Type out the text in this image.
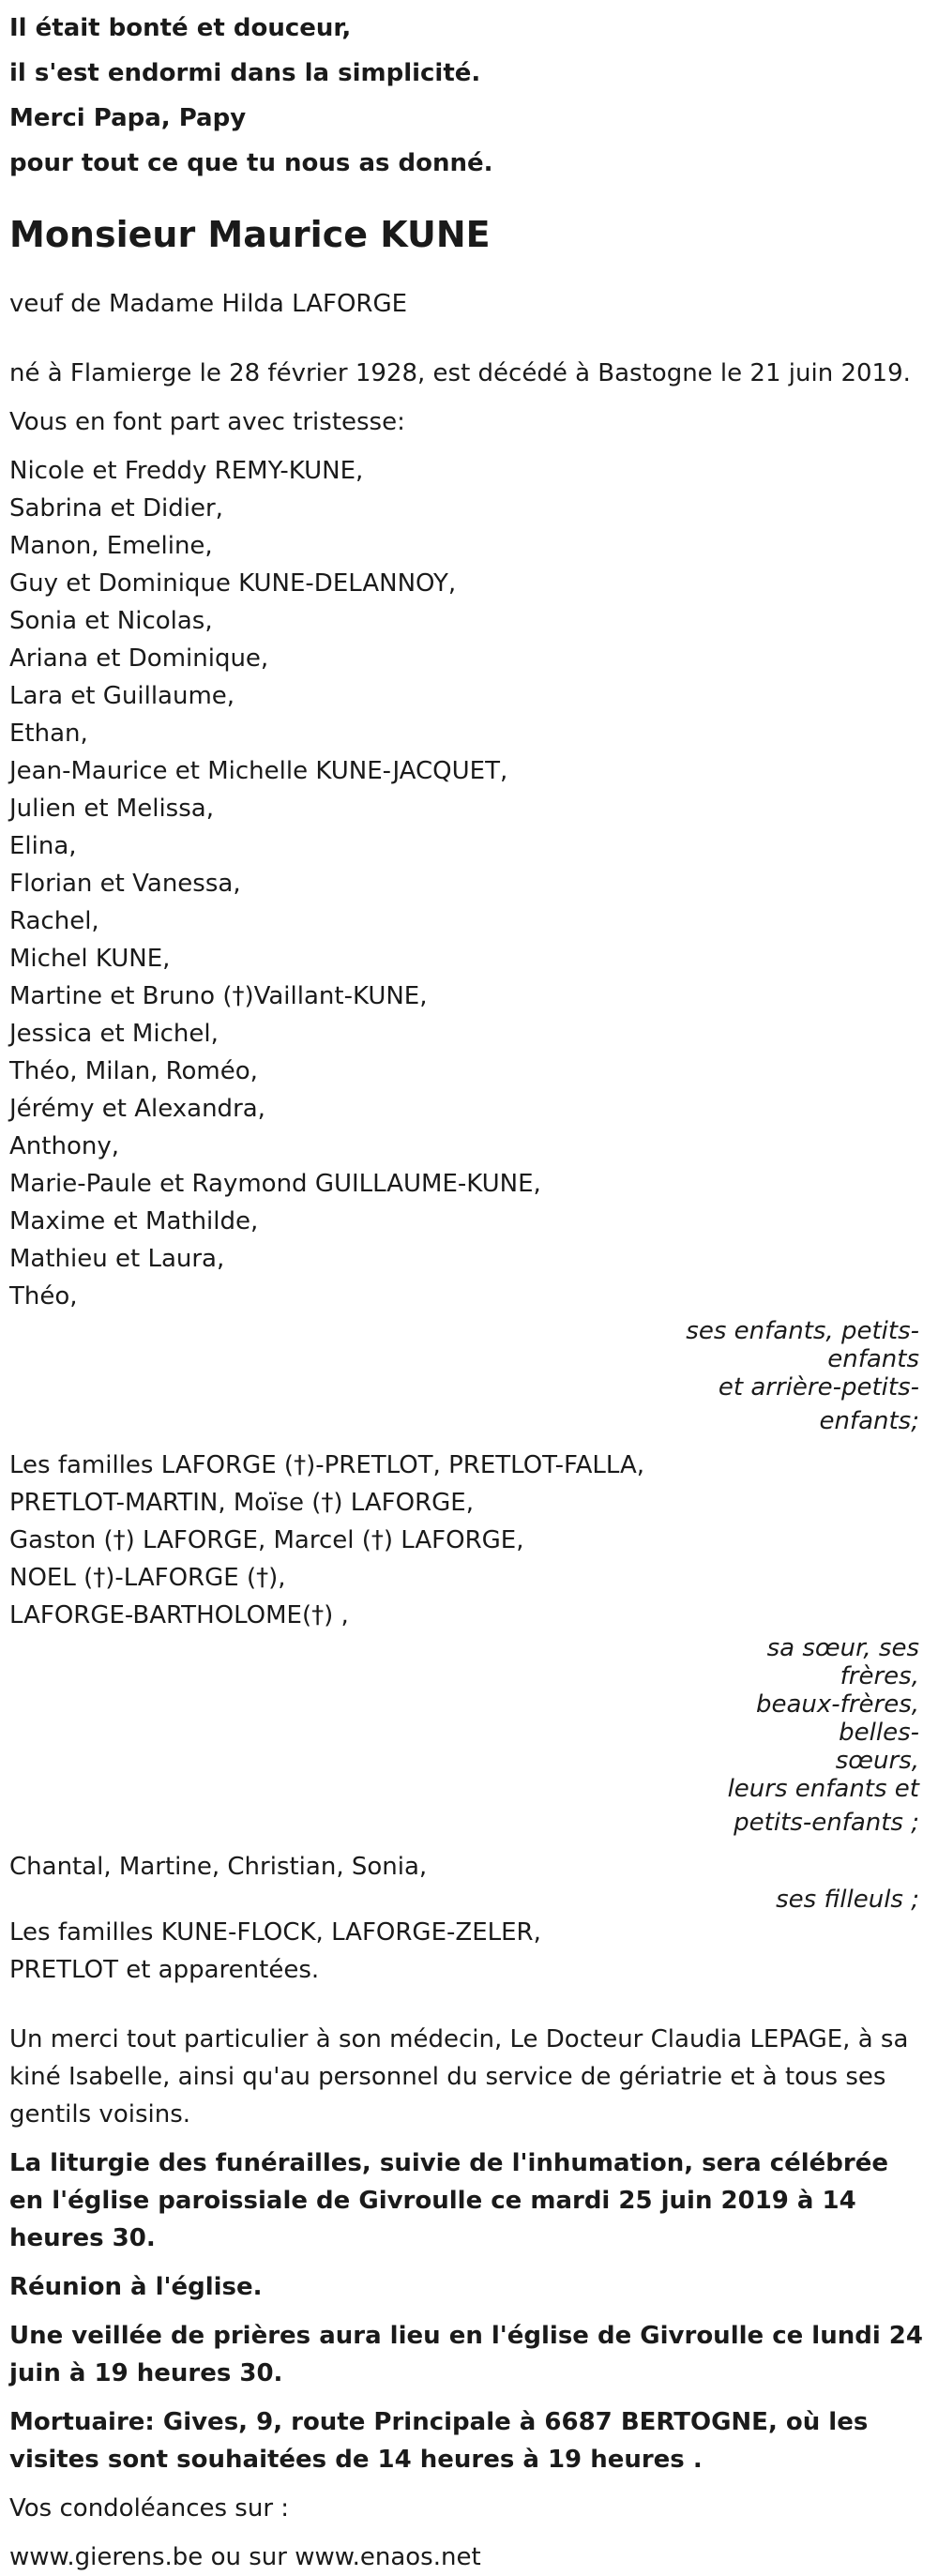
Il était bonté et douceur,

il s'est endormi dans la simplicité.

Merci Papa, Papy

pour tout ce que tu nous as donné.

Monsieur Maurice KUNE

veuf de Madame Hilda LAFORGE

né à Flamierge le 28 février 1928, est décédé à Bastogne le 21 juin 2019.

Vous en font part avec tristesse:

Nicole et Freddy REMY-KUNE,

Sabrina et Didier,

Manon, Emeline,

Guy et Dominique KUNE-DELANNOY,

Sonia et Nicolas,

Ariana et Dominique,

Lara et Guillaume,

Ethan,

Jean-Maurice et Michelle KUNE-JACQUET,

Julien et Melissa,

Elina,

Florian et Vanessa,

Rachel,

Michel KUNE,

Martine et Bruno (†)Vaillant-KUNE,

Jessica et Michel,

Théo, Milan, Roméo,

Jérémy et Alexandra,

Anthony,

Marie-Paule et Raymond GUILLAUME-KUNE,

Maxime et Mathilde,

Mathieu et Laura,

Théo,

ses enfants, petits-
enfants
et arrière-petits-
enfants;

Les familles LAFORGE (†)-PRETLOT, PRETLOT-FALLA,

PRETLOT-MARTIN, Moïse (†) LAFORGE,

Gaston (†) LAFORGE, Marcel (†) LAFORGE,

NOEL (†)-LAFORGE (†),

LAFORGE-BARTHOLOME(†) ,

sa sœur, ses frères,
beaux-frères, belles-
sœurs,
leurs enfants et
petits-enfants ;

Chantal, Martine, Christian, Sonia,

ses filleuls ;

Les familles KUNE-FLOCK, LAFORGE-ZELER,

PRETLOT et apparentées.

Un merci tout particulier à son médecin, Le Docteur Claudia LEPAGE, à sa kiné Isabelle, ainsi qu'au personnel du service de gériatrie et à tous ses gentils voisins.

La liturgie des funérailles, suivie de l'inhumation, sera célébrée en l'église paroissiale de Givroulle ce mardi 25 juin 2019 à 14 heures 30.

Réunion à l'église.

Une veillée de prières aura lieu en l'église de Givroulle ce lundi 24 juin à 19 heures 30.

Mortuaire: Gives, 9, route Principale à 6687 BERTOGNE, où les visites sont souhaitées de 14 heures à 19 heures .

Vos condoléances sur :

www.gierens.be ou sur www.enaos.net
